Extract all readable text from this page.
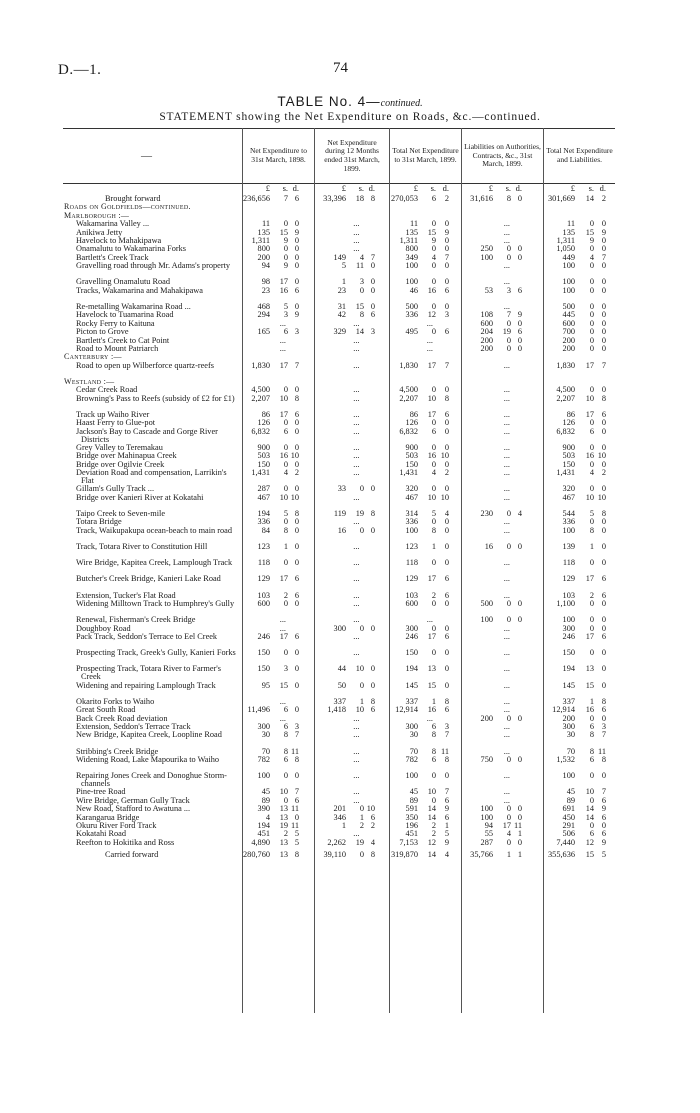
D.—1.	74
TABLE No. 4—continued.
STATEMENT showing the Net Expenditure on Roads, &c.—continued.
—	Net Expenditure to 31st March, 1898.
Net Expenditure during 12 Months ended 31st March, 1899.
Total Net Expenditure to 31st March, 1899.
Liabilities on Authorities, Contracts, &c., 31st March, 1899.
Total Net Expenditure and Liabilities.
£	s. d.	£	s. d.	£	s. d.	£	s. d.	£	s. d.
Brought forward	236,656	7 6	33,396	18 8	270,053	6	2	31,616	8 0	301,669	14 2
Roads on Goldfields—continued.
Marlborough :—
Wakamarina Valley ...	11	0 0	...	11	0	0	...	11	0 0
Anikiwa Jetty	135	15 9	...	135	15	9	...	135	15 9
Havelock to Mahakipawa	1,311	9 0	...	1,311	9	0	...	1,311	9 0
Onamalutu to Wakamarina Forks	800	0 0	...	800	0	0	250	0 0	1,050	0 0
Bartlett's Creek Track	200	0 0	149	4 7	349	4	7	100	0 0	449	4 7
Gravelling road through Mr. Adams's property	94	9 0	5	11 0	100	0	0	...	100	0 0
Gravelling Onamalutu Road	98	17 0	1	3 0	100	0	0	...	100	0 0
Tracks, Wakamarina and Mahakipawa	23	16 6	23	0 0	46	16	6	53	3 6	100	0 0
Re-metalling Wakamarina Road ...	468	5 0	31	15 0	500	0	0	...	500	0 0
Havelock to Tuamarina Road	294	3 9	42	8 6	336	12	3	108	7 9	445	0 0
Rocky Ferry to Kaituna	...	...	...	600	0 0	600	0 0
Picton to Grove	165	6 3	329	14 3	495	0	6	204	19 6	700	0 0
Bartlett's Creek to Cat Point	...	...	...	200	0 0	200	0 0
Road to Mount Patriarch	...	...	...	200	0 0	200	0 0
Canterbury :—
Road to open up Wilberforce quartz-reefs	1,830	17 7	...	1,830	17	7	...	1,830	17 7
Westland :—
Cedar Creek Road	4,500	0 0	...	4,500	0	0	...	4,500	0 0
Browning's Pass to Reefs (subsidy of £2 for £1)	2,207	10 8	...	2,207	10	8	...	2,207	10 8
Track up Waiho River	86	17 6	...	86	17	6	...	86	17 6
Haast Ferry to Glue-pot	126	0 0	...	126	0	0	...	126	0 0
Jackson's Bay to Cascade and Gorge River Districts
6,832	6 0	...	6,832	6	0	...	6,832	6 0
Grey Valley to Teremakau	900	0 0	...	900	0	0	...	900	0 0
Bridge over Mahinapua Creek	503	16 10	...	503	16 10	...	503	16 10
Bridge over Ogilvie Creek	150	0 0	...	150	0	0	...	150	0 0
Deviation Road and compensation, Larrikin's Flat
1,431	4 2	...	1,431	4	2	...	1,431	4 2
Gillam's Gully Track ...	287	0 0	33	0 0	320	0	0	...	320	0 0
Bridge over Kanieri River at Kokatahi	467	10 10	...	467	10 10	...	467	10 10
Taipo Creek to Seven-mile	194	5 8	119	19 8	314	5	4	230	0 4	544	5 8
Totara Bridge	336	0 0	...	336	0	0	...	336	0 0
Track, Waikupakupa ocean-beach to main road	84	8 0	16	0 0	100	8	0	...	100	8 0
Track, Totara River to Constitution Hill	123	1 0	...	123	1	0	16	0 0	139	1 0
Wire Bridge, Kapitea Creek, Lamplough Track	118	0 0	...	118	0	0	...	118	0 0
Butcher's Creek Bridge, Kanieri Lake Road	129	17 6	...	129	17	6	...	129	17 6
Extension, Tucker's Flat Road	103	2 6	...	103	2	6	...	103	2 6
Widening Milltown Track to Humphrey's Gully	600	0 0	...	600	0	0	500	0 0	1,100	0 0
Renewal, Fisherman's Creek Bridge	...	...	...	100	0 0	100	0 0
Doughboy Road	...	300	0 0	300	0	0	...	300	0 0
Pack Track, Seddon's Terrace to Eel Creek	246	17 6	...	246	17	6	...	246	17 6
Prospecting Track, Greek's Gully, Kanieri Forks	150	0 0	...	150	0	0	...	150	0 0
Prospecting Track, Totara River to Farmer's Creek
150	3 0	44	10 0	194	13	0	...	194	13 0
Widening and repairing Lamplough Track	95	15 0	50	0 0	145	15	0	...	145	15 0
Okarito Forks to Waiho	...	337	1 8	337	1	8	...	337	1 8
Great South Road	11,496	6 0	1,418	10 6	12,914	16	6	...	12,914	16 6
Back Creek Road deviation	...	...	...	200	0 0	200	0 0
Extension, Seddon's Terrace Track	300	6 3	...	300	6	3	...	300	6 3
New Bridge, Kapitea Creek, Loopline Road	30	8 7	...	30	8	7	...	30	8 7
Stribbing's Creek Bridge	70	8 11	...	70	8 11	...	70	8 11
Widening Road, Lake Mapourika to Waiho	782	6 8	...	782	6	8	750	0 0	1,532	6 8
Repairing Jones Creek and Donoghue Storm-channels
100	0 0	...	100	0	0	...	100	0 0
Pine-tree Road	45	10 7	...	45	10	7	...	45	10 7
Wire Bridge, German Gully Track	89	0 6	...	89	0	6	...	89	0 6
New Road, Stafford to Awatuna ...	390	13 11	201	0 10	591	14	9	100	0 0	691	14 9
Karangarua Bridge	4	13 0	346	1 6	350	14	6	100	0 0	450	14 6
Okuru River Ford Track	194	19 11	1	2 2	196	2	1	94	17 11	291	0 0
Kokatahi Road	451	2 5	...	451	2	5	55	4 1	506	6 6
Reefton to Hokitika and Ross	4,890	13 5	2,262	19 4	7,153	12	9	287	0 0	7,440	12 9
Carried forward	280,760	13 8	39,110	0 8	319,870	14	4	35,766	1 1	355,636	15 5
